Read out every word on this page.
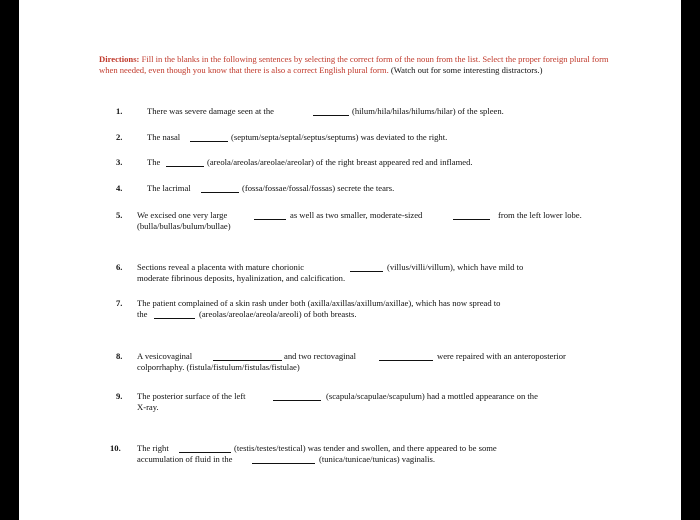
Directions: Fill in the blanks in the following sentences by selecting the correct form of the noun from the list. Select the proper foreign plural form when needed, even though you know that there is also a correct English plural form. (Watch out for some interesting distractors.)
1.	There was severe damage seen at the	(hilum/hila/hilas/hilums/hilar) of the spleen.
2.	The nasal	(septum/septa/septal/septus/septums) was deviated to the right.
3.	The	(areola/areolas/areolae/areolar) of the right breast appeared red and inflamed.
4.	The lacrimal	(fossa/fossae/fossal/fossas) secrete the tears.
5. We excised one very large	as well as two smaller, moderate-sized	from the left lower lobe.
(bulla/bullas/bulum/bullae)
6. Sections reveal a placenta with mature chorionic	(villus/villi/villum), which have mild to
moderate fibrinous deposits, hyalinization, and calcification.
7. The patient complained of a skin rash under both (axilla/axillas/axillum/axillae), which has now spread to
the	(areolas/areolae/areola/areoli) of both breasts.
8. A vesicovaginal	and two rectovaginal	were repaired with an anteroposterior
colporrhaphy. (fistula/fistulum/fistulas/fistulae)
9. The posterior surface of the left	(scapula/scapulae/scapulum) had a mottled appearance on the
X-ray.
10. The right	(testis/testes/testical) was tender and swollen, and there appeared to be some
accumulation of fluid in the	(tunica/tunicae/tunicas) vaginalis.
